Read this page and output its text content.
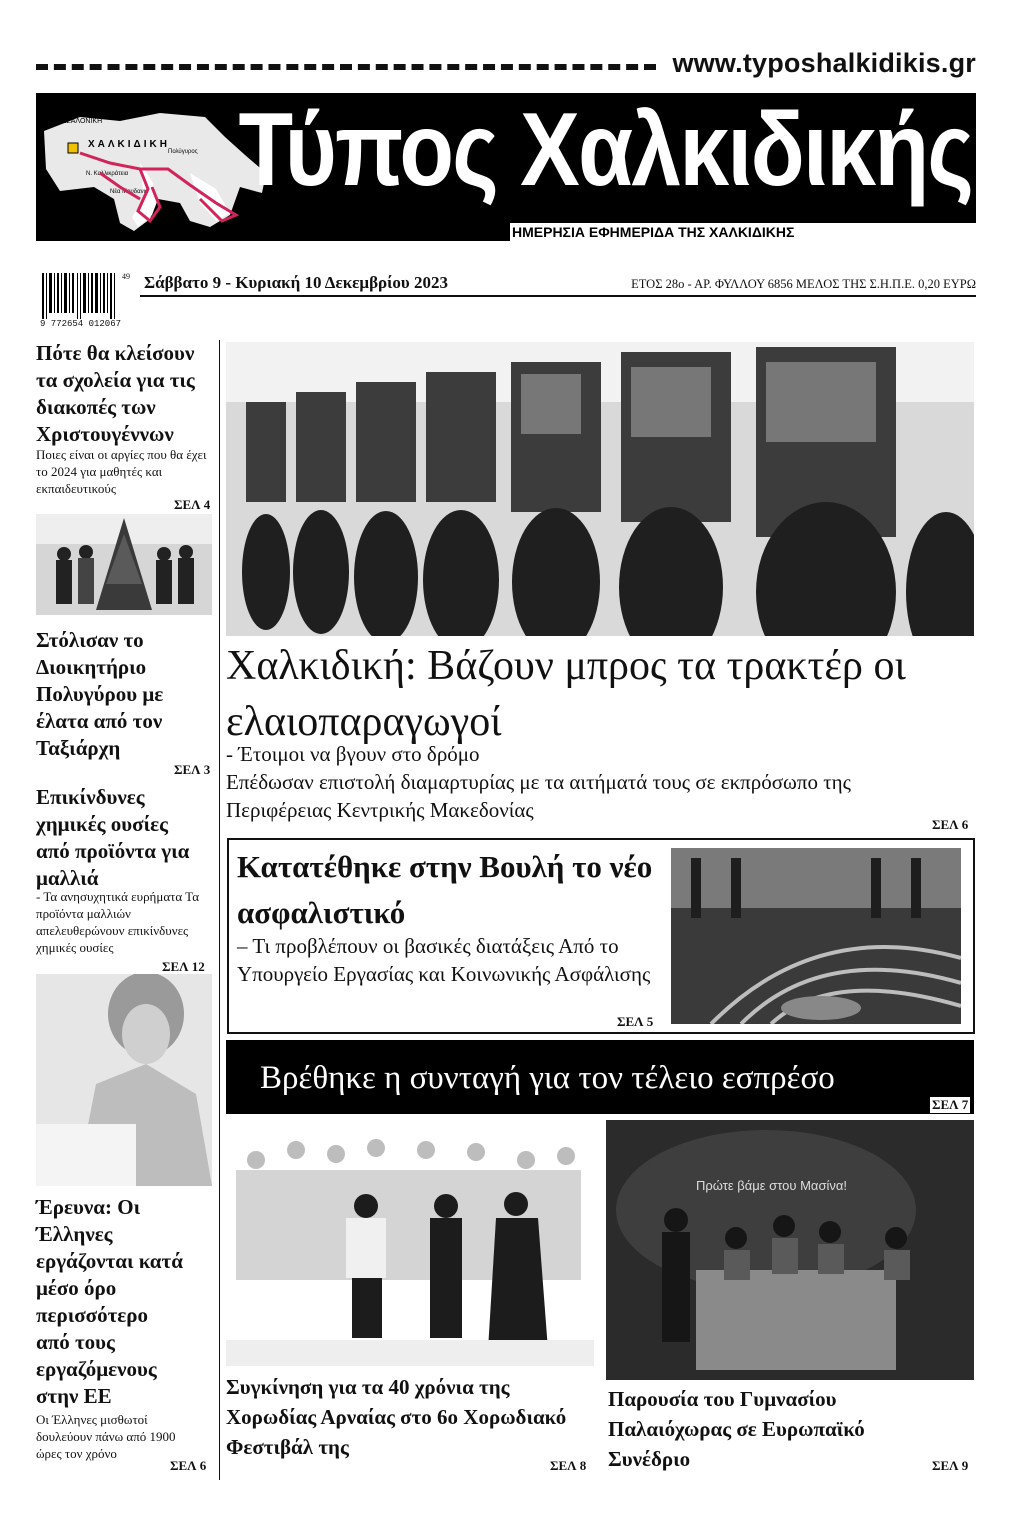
www.typoshalkidikis.gr
ΘΕΣΣΑΛΟΝΙΚΗ
ΧΑΛΚΙΔΙΚΗ
Πολύγυρος
Ν. Καλλικράτεια
Νέα Μουδανιά Τύπος Χαλκιδικής
ΗΜΕΡΗΣΙΑ ΕΦΗΜΕΡΙΔΑ ΤΗΣ ΧΑΛΚΙΔΙΚΗΣ
9 772654 012067
49 Σάββατο 9 - Κυριακή 10 Δεκεμβρίου 2023	ΕΤΟΣ 28ο - ΑΡ. ΦΥΛΛΟΥ 6856 ΜΕΛΟΣ ΤΗΣ Σ.Η.Π.Ε. 0,20 ΕΥΡΩ
Πότε θα κλείσουν τα σχολεία για τις διακοπές των Χριστουγέννων
Ποιες είναι οι αργίες που θα έχει το 2024 για μαθητές και εκπαιδευτικούς
ΣΕΛ 4
Στόλισαν το Διοικητήριο Πολυγύρου με έλατα από τον Ταξιάρχη
ΣΕΛ 3
Επικίνδυνες χημικές ουσίες από προϊόντα για μαλλιά
- Τα ανησυχητικά ευρήματα Τα προϊόντα μαλλιών απελευθερώνουν επικίνδυνες χημικές ουσίες
ΣΕΛ 12
Έρευνα: Οι Έλληνες εργάζονται κατά μέσο όρο περισσότερο από τους εργαζόμενους στην ΕΕ
Οι Έλληνες μισθωτοί δουλεύουν πάνω από 1900 ώρες τον χρόνο
ΣΕΛ 6
Χαλκιδική: Βάζουν μπρος τα τρακτέρ οι ελαιοπαραγωγοί
- Έτοιμοι να βγουν στο δρόμο
Επέδωσαν επιστολή διαμαρτυρίας με τα αιτήματά τους σε εκπρόσωπο της Περιφέρειας Κεντρικής Μακεδονίας
ΣΕΛ 6
Κατατέθηκε στην Βουλή το νέο ασφαλιστικό
– Τι προβλέπουν οι βασικές διατάξεις Από το Υπουργείο Εργασίας και Κοινωνικής Ασφάλισης
ΣΕΛ 5
Βρέθηκε η συνταγή για τον τέλειο εσπρέσο
ΣΕΛ 7
Συγκίνηση για τα 40 χρόνια της Χορωδίας Αρναίας στο 6ο Χορωδιακό Φεστιβάλ της
ΣΕΛ 8
Πρώτε βάμε στου Μασίνα!
Παρουσία του Γυμνασίου Παλαιόχωρας σε Ευρωπαϊκό Συνέδριο	ΣΕΛ 9
